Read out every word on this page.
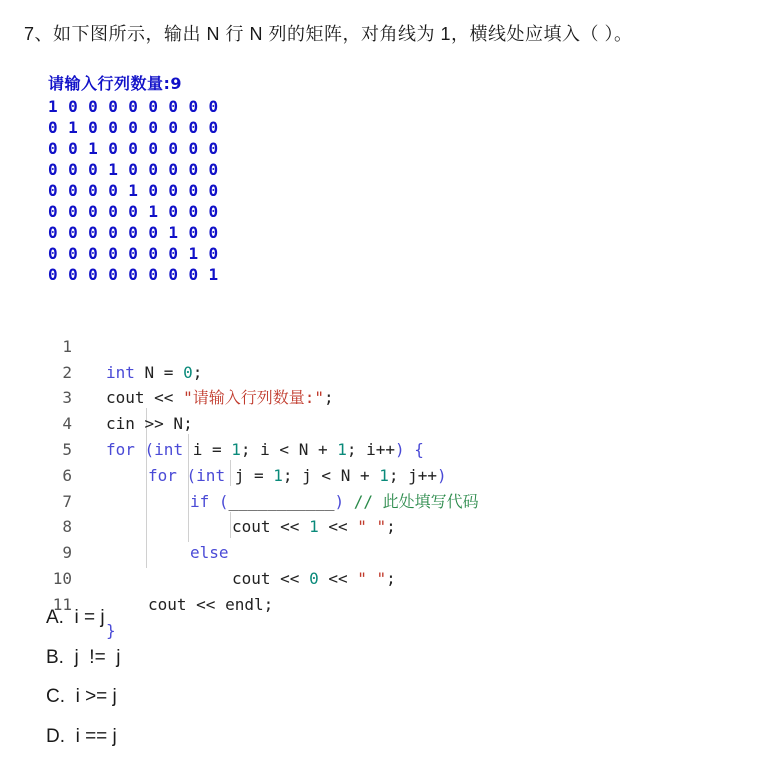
7、如下图所示，输出 N 行 N 列的矩阵，对角线为 1，横线处应填入（ ）。
请输入行列数量:9
1 0 0 0 0 0 0 0 0
0 1 0 0 0 0 0 0 0
0 0 1 0 0 0 0 0 0
0 0 0 1 0 0 0 0 0
0 0 0 0 1 0 0 0 0
0 0 0 0 0 1 0 0 0
0 0 0 0 0 0 1 0 0
0 0 0 0 0 0 0 1 0
0 0 0 0 0 0 0 0 1

1

int N = 0;

2

cout << "请输入行列数量:";

3

cin >> N;

4

for (int i = 1; i < N + 1; i++) {

5

for (int j = 1; j < N + 1; j++)

6

if (___________) // 此处填写代码

7

cout << 1 << " ";

8

else

9

cout << 0 << " ";

10

cout << endl;

11

}

A. i = j
B. j  !=  j
C. i >= j
D. i == j
